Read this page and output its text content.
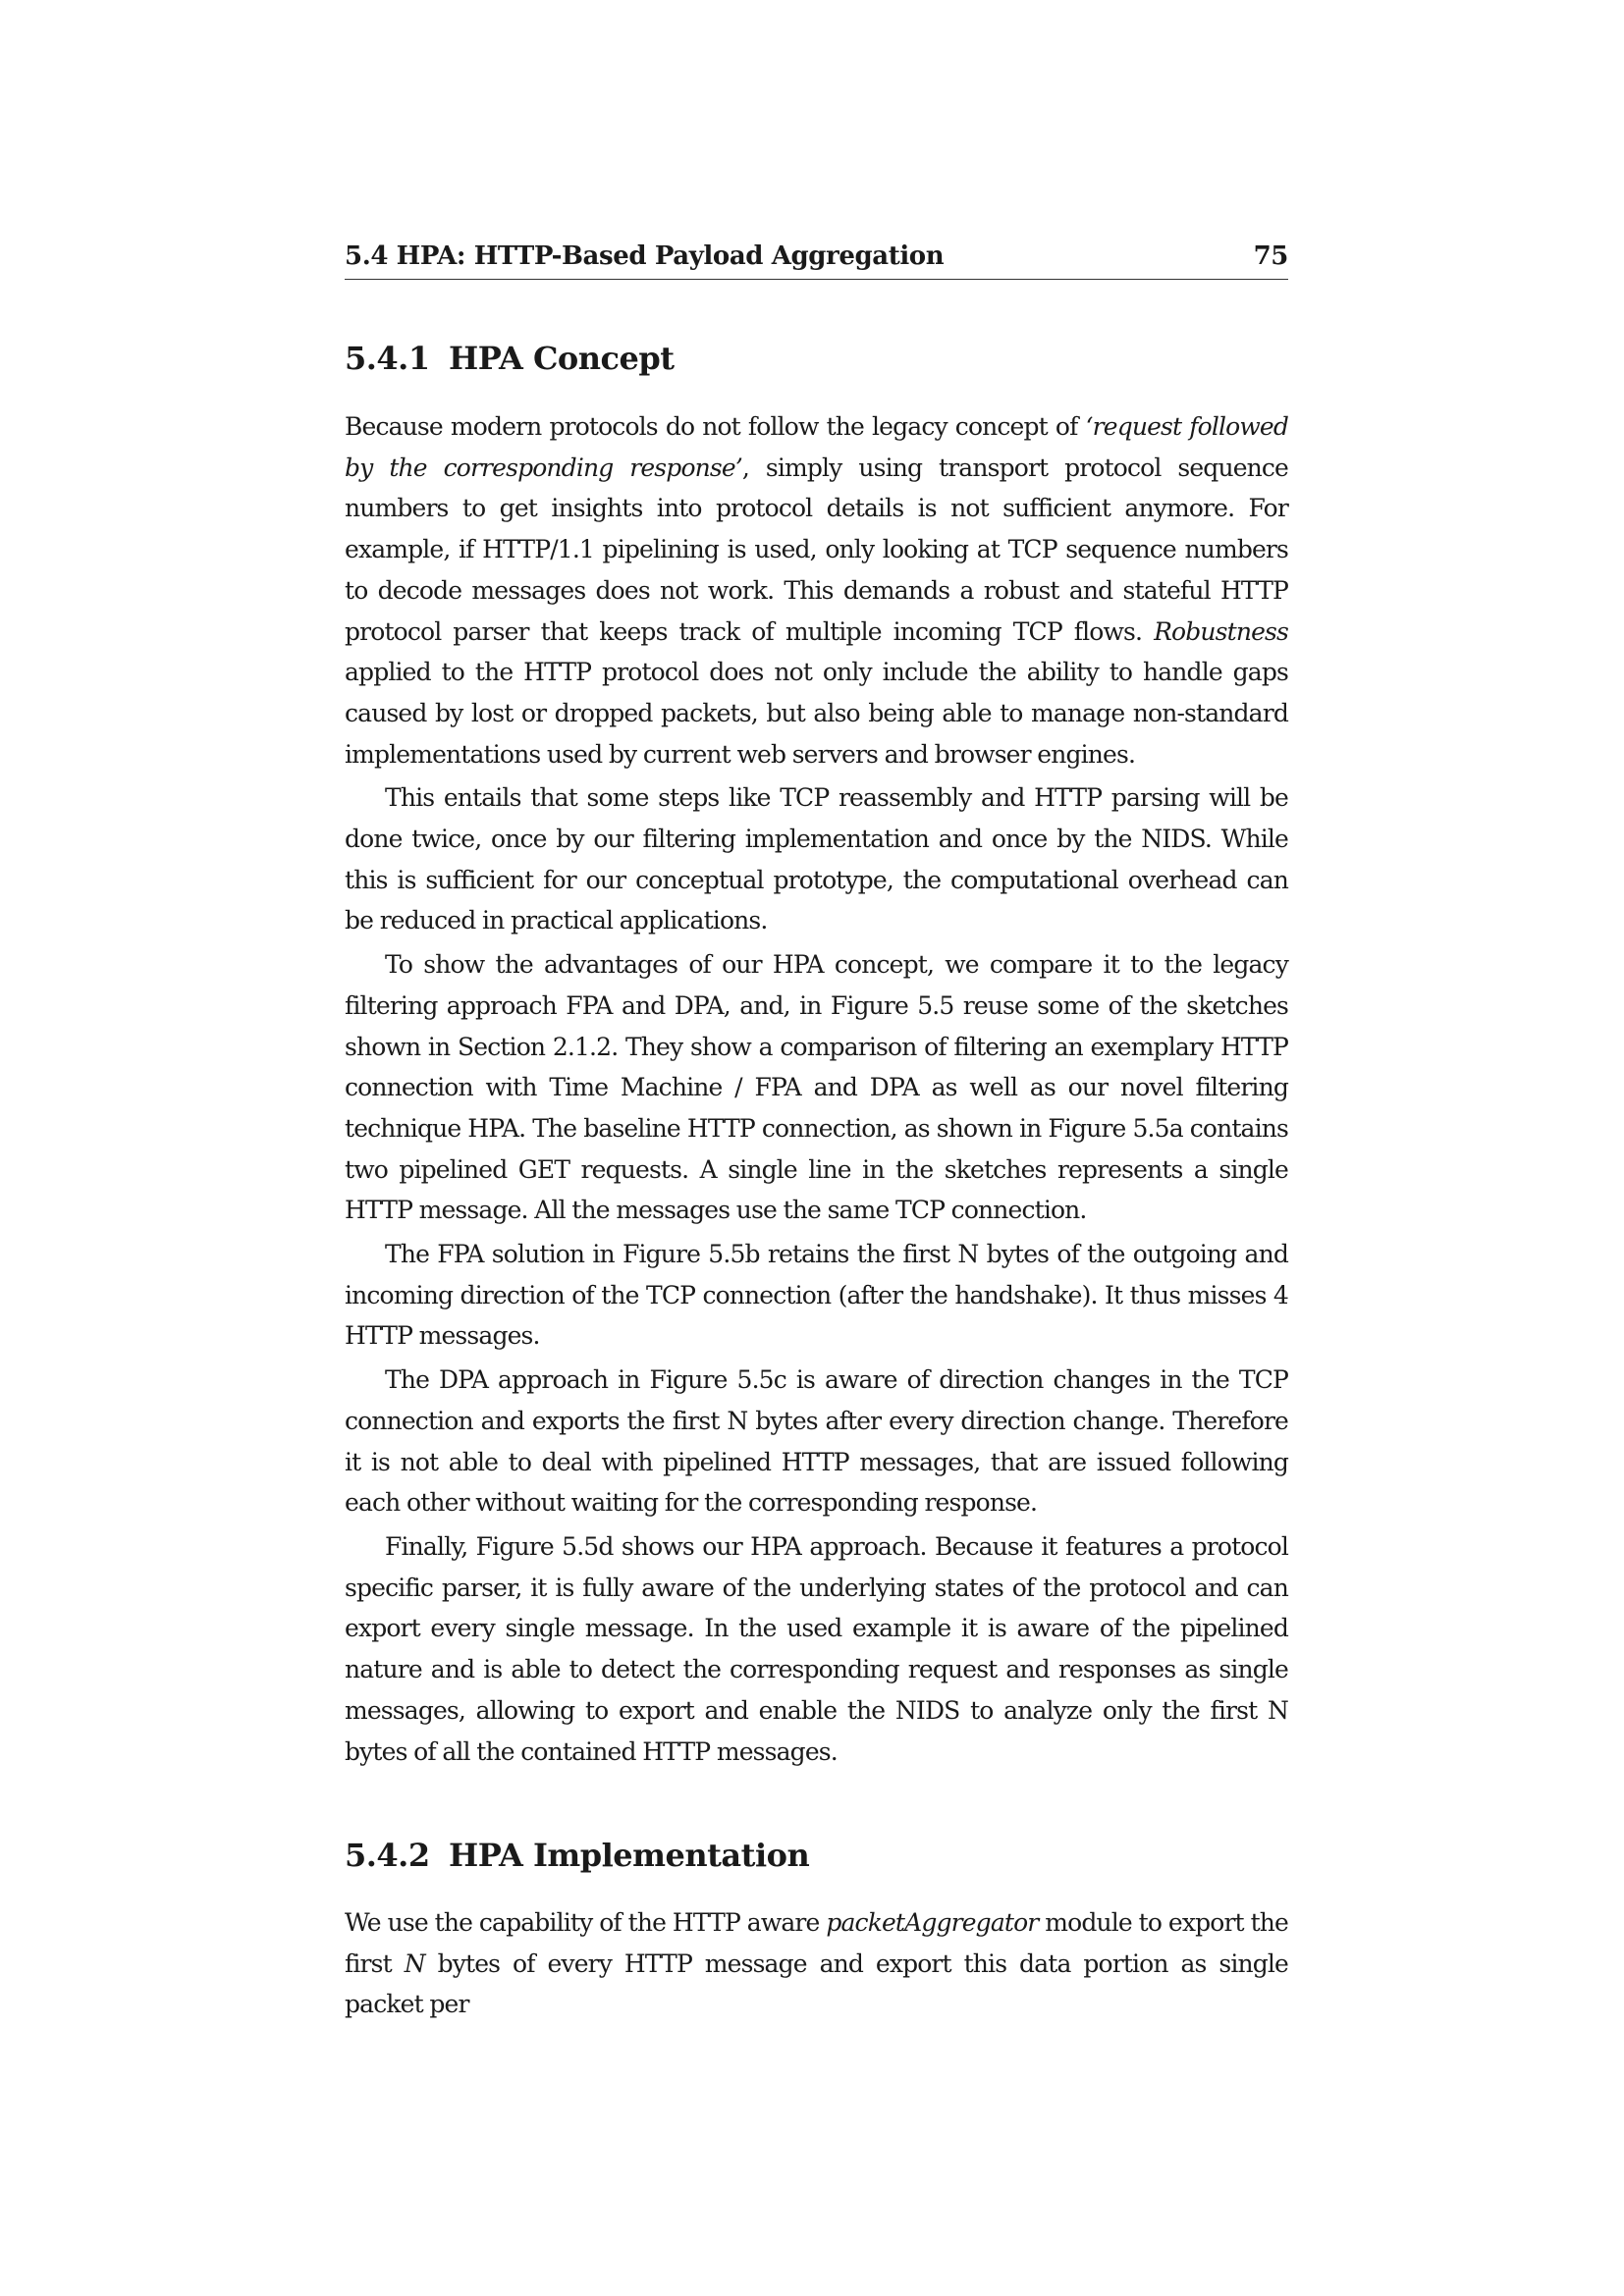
5.4 HPA: HTTP-Based Payload Aggregation	75
5.4.1 HPA Concept

Because modern protocols do not follow the legacy concept of ‘request followed by the corresponding response’, simply using transport protocol sequence numbers to get insights into protocol details is not sufficient anymore. For example, if HTTP/1.1 pipelining is used, only looking at TCP sequence numbers to decode messages does not work. This demands a robust and stateful HTTP protocol parser that keeps track of multiple incoming TCP flows. Robustness applied to the HTTP protocol does not only include the ability to handle gaps caused by lost or dropped packets, but also being able to manage non-standard implementations used by current web servers and browser engines.

This entails that some steps like TCP reassembly and HTTP parsing will be done twice, once by our filtering implementation and once by the NIDS. While this is sufficient for our conceptual prototype, the computational overhead can be reduced in practical applications.

To show the advantages of our HPA concept, we compare it to the legacy filtering approach FPA and DPA, and, in Figure 5.5 reuse some of the sketches shown in Section 2.1.2. They show a comparison of filtering an exemplary HTTP connection with Time Machine / FPA and DPA as well as our novel filtering technique HPA. The baseline HTTP connection, as shown in Figure 5.5a contains two pipelined GET requests. A single line in the sketches represents a single HTTP message. All the messages use the same TCP connection.

The FPA solution in Figure 5.5b retains the first N bytes of the outgoing and incoming direction of the TCP connection (after the handshake). It thus misses 4 HTTP messages.

The DPA approach in Figure 5.5c is aware of direction changes in the TCP connection and exports the first N bytes after every direction change. Therefore it is not able to deal with pipelined HTTP messages, that are issued following each other without waiting for the corresponding response.

Finally, Figure 5.5d shows our HPA approach. Because it features a protocol specific parser, it is fully aware of the underlying states of the protocol and can export every single message. In the used example it is aware of the pipelined nature and is able to detect the corresponding request and responses as single messages, allowing to export and enable the NIDS to analyze only the first N bytes of all the contained HTTP messages.

5.4.2 HPA Implementation

We use the capability of the HTTP aware packetAggregator module to export the first N bytes of every HTTP message and export this data portion as single packet per
